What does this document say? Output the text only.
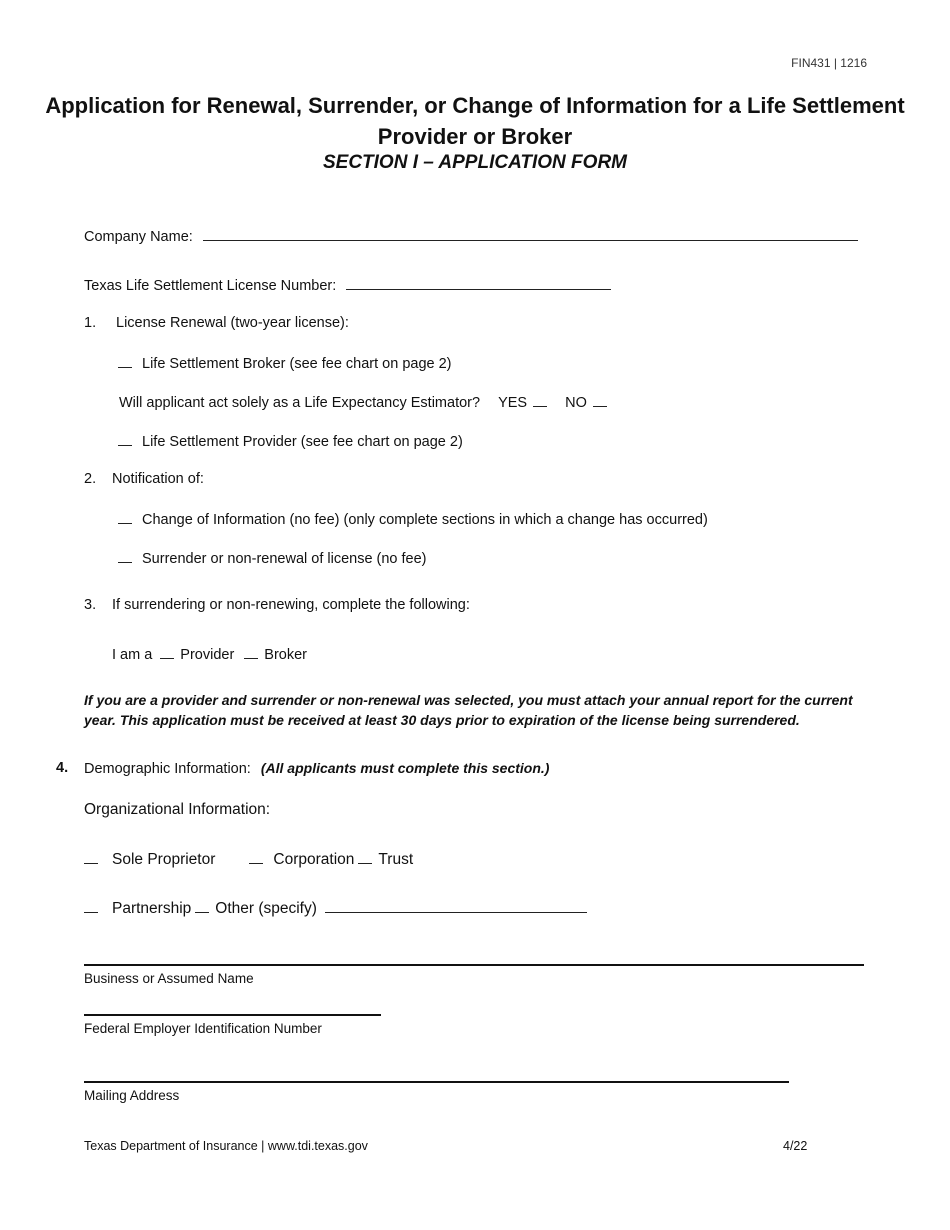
FIN431 | 1216
Application for Renewal, Surrender, or Change of Information for a Life Settlement Provider or Broker
SECTION I – APPLICATION FORM
Company Name:
Texas Life Settlement License Number:
1. License Renewal (two-year license):
Life Settlement Broker (see fee chart on page 2)
Will applicant act solely as a Life Expectancy Estimator? YES	NO
Life Settlement Provider (see fee chart on page 2)
2. Notification of:
Change of Information (no fee) (only complete sections in which a change has occurred)
Surrender or non-renewal of license (no fee)
3. If surrendering or non-renewing, complete the following:
I am a Provider Broker
If you are a provider and surrender or non-renewal was selected, you must attach your annual report for the current year. This application must be received at least 30 days prior to expiration of the license being surrendered.
4. Demographic Information: (All applicants must complete this section.)
Organizational Information:
Sole Proprietor	Corporation Trust
Partnership Other (specify)
Business or Assumed Name
Federal Employer Identification Number
Mailing Address
Texas Department of Insurance | www.tdi.texas.gov	4/22
